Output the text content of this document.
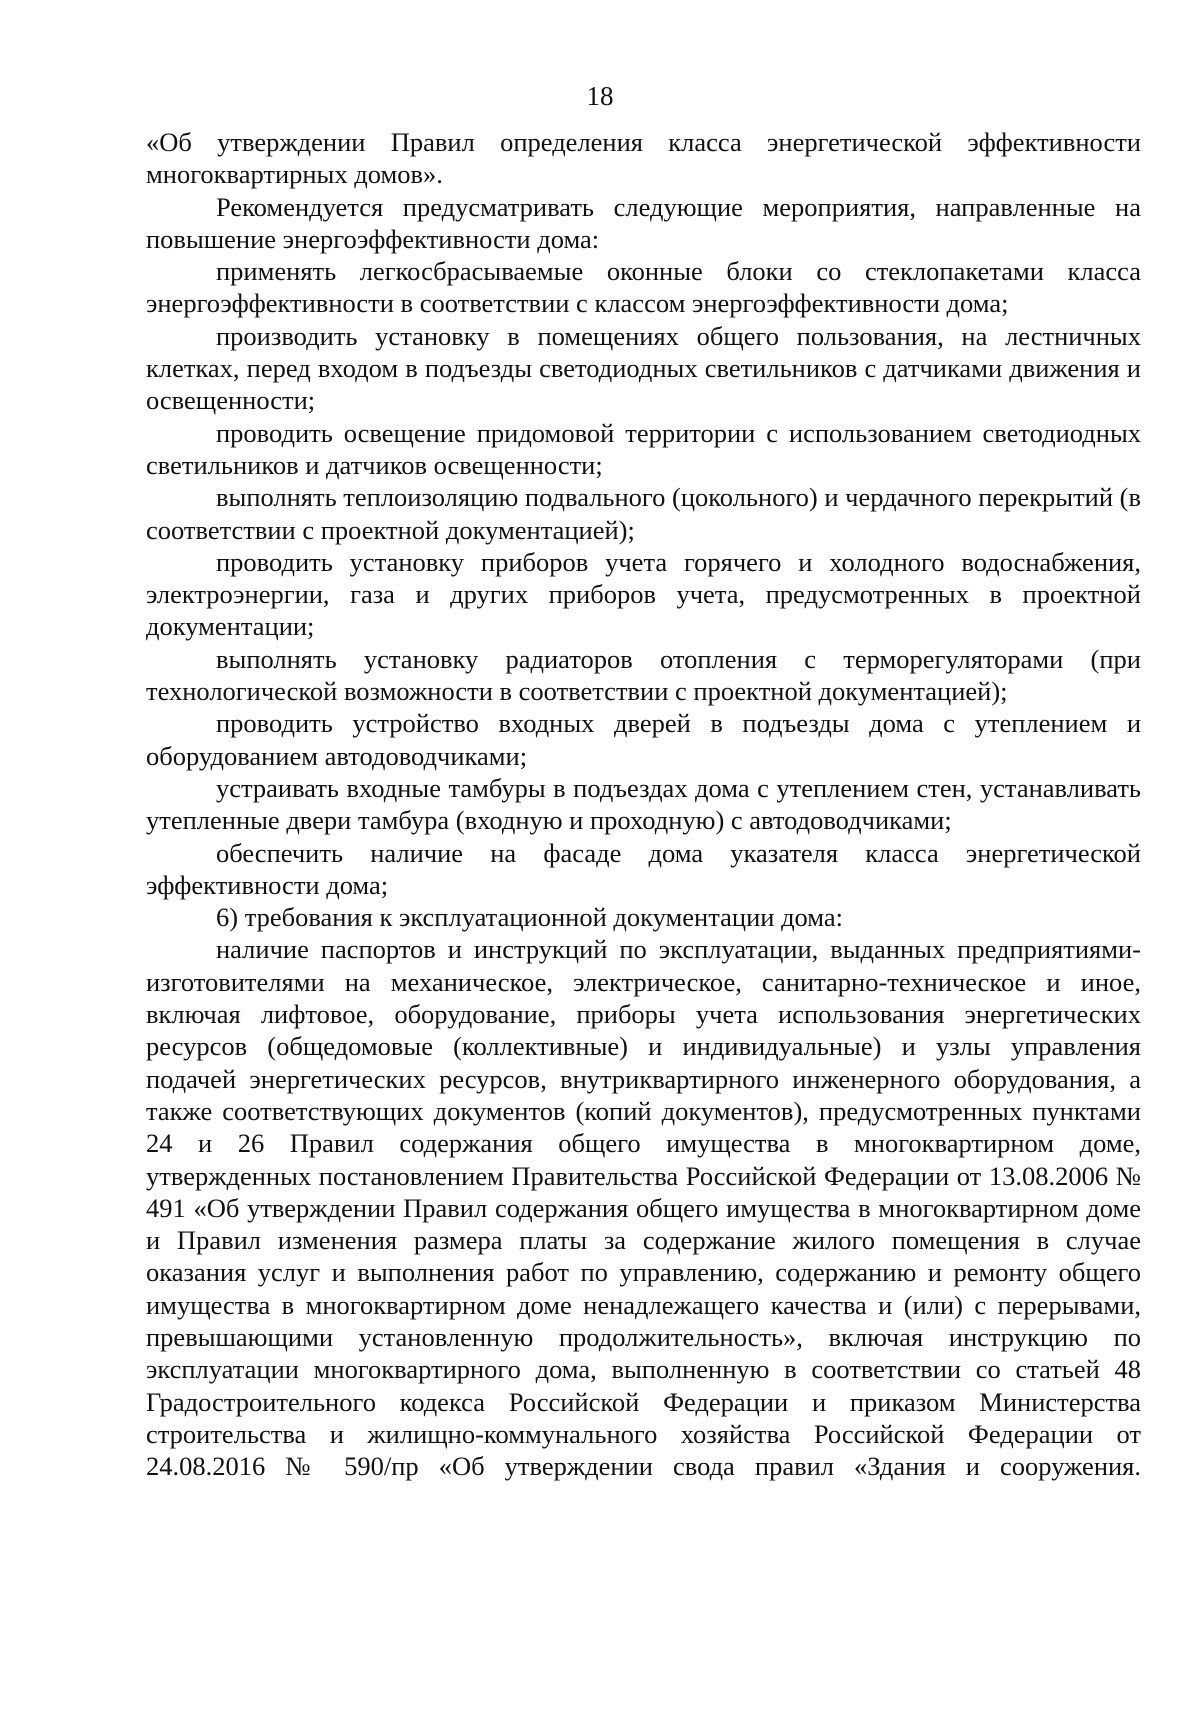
18

«Об утверждении Правил определения класса энергетической эффективности многоквартирных домов».

Рекомендуется предусматривать следующие мероприятия, направленные на повышение энергоэффективности дома:

применять легкосбрасываемые оконные блоки со стеклопакетами класса энергоэффективности в соответствии с классом энергоэффективности дома;

производить установку в помещениях общего пользования, на лестничных клетках, перед входом в подъезды светодиодных светильников с датчиками движения и освещенности;

проводить освещение придомовой территории с использованием светодиодных светильников и датчиков освещенности;

выполнять теплоизоляцию подвального (цокольного) и чердачного перекрытий (в соответствии с проектной документацией);

проводить установку приборов учета горячего и холодного водоснабжения, электроэнергии, газа и других приборов учета, предусмотренных в проектной документации;

выполнять установку радиаторов отопления с терморегуляторами (при технологической возможности в соответствии с проектной документацией);

проводить устройство входных дверей в подъезды дома с утеплением и оборудованием автодоводчиками;

устраивать входные тамбуры в подъездах дома с утеплением стен, устанавливать утепленные двери тамбура (входную и проходную) с автодоводчиками;

обеспечить наличие на фасаде дома указателя класса энергетической эффективности дома;

6) требования к эксплуатационной документации дома:

наличие паспортов и инструкций по эксплуатации, выданных предприятиями-изготовителями на механическое, электрическое, санитарно-техническое и иное, включая лифтовое, оборудование, приборы учета использования энергетических ресурсов (общедомовые (коллективные) и индивидуальные) и узлы управления подачей энергетических ресурсов, внутриквартирного инженерного оборудования, а также соответствующих документов (копий документов), предусмотренных пунктами 24 и 26 Правил содержания общего имущества в многоквартирном доме, утвержденных постановлением Правительства Российской Федерации от 13.08.2006 № 491 «Об утверждении Правил содержания общего имущества в многоквартирном доме и Правил изменения размера платы за содержание жилого помещения в случае оказания услуг и выполнения работ по управлению, содержанию и ремонту общего имущества в многоквартирном доме ненадлежащего качества и (или) с перерывами, превышающими установленную продолжительность», включая инструкцию по эксплуатации многоквартирного дома, выполненную в соответствии со статьей 48 Градостроительного кодекса Российской Федерации и приказом Министерства строительства и жилищно-коммунального хозяйства Российской Федерации от 24.08.2016 № 590/пр «Об утверждении свода правил «Здания и сооружения.
